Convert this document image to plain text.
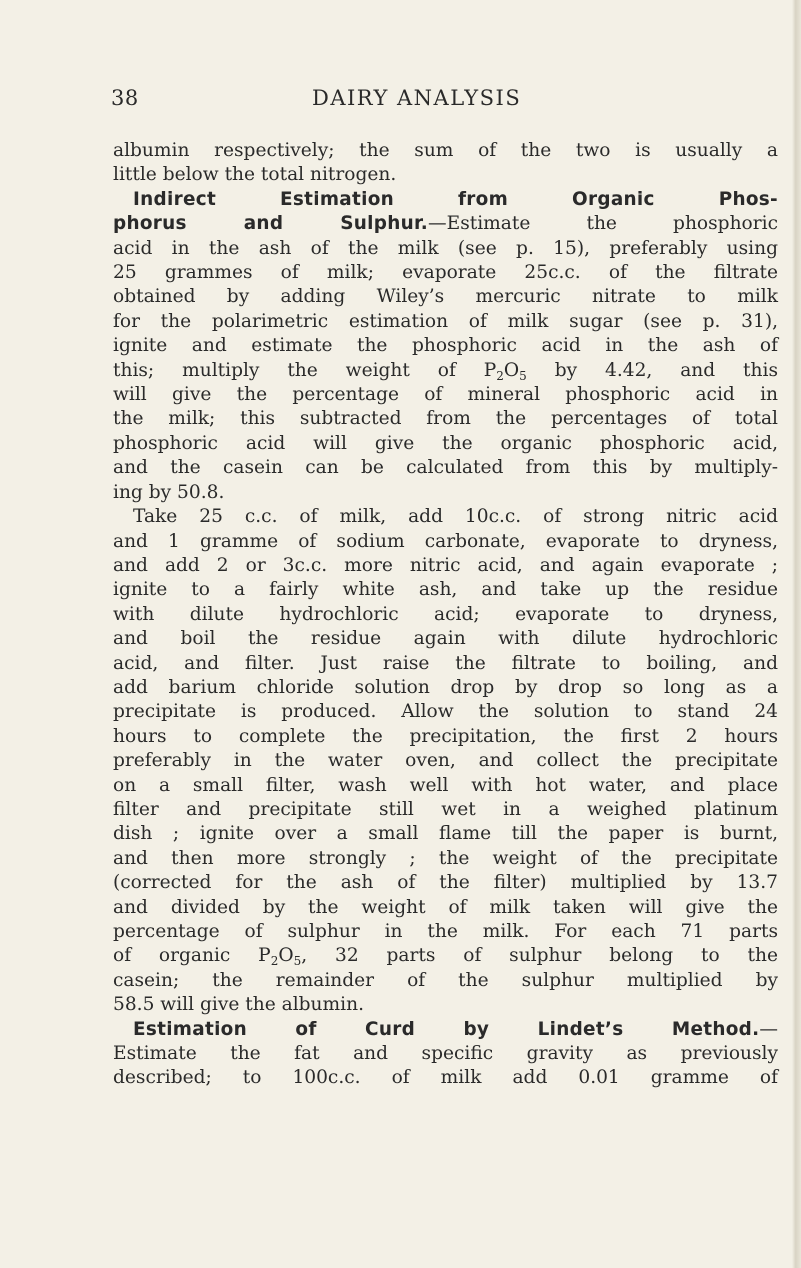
38	DAIRY ANALYSIS
albumin respectively; the sum of the two is usually a
little below the total nitrogen.
Indirect Estimation from Organic Phos-
phorus and Sulphur.—Estimate the phosphoric
acid in the ash of the milk (see p. 15), preferably using
25 grammes of milk; evaporate 25c.c. of the filtrate
obtained by adding Wiley’s mercuric nitrate to milk
for the polarimetric estimation of milk sugar (see p. 31),
ignite and estimate the phosphoric acid in the ash of
this; multiply the weight of $P_2O_5$ by 4.42, and this
will give the percentage of mineral phosphoric acid in
the milk; this subtracted from the percentages of total
phosphoric acid will give the organic phosphoric acid,
and the casein can be calculated from this by multiply-
ing by 50.8.
Take 25 c.c. of milk, add 10c.c. of strong nitric acid
and 1 gramme of sodium carbonate, evaporate to dryness,
and add 2 or 3c.c. more nitric acid, and again evaporate ;
ignite to a fairly white ash, and take up the residue
with dilute hydrochloric acid; evaporate to dryness,
and boil the residue again with dilute hydrochloric
acid, and filter. Just raise the filtrate to boiling, and
add barium chloride solution drop by drop so long as a
precipitate is produced. Allow the solution to stand 24
hours to complete the precipitation, the first 2 hours
preferably in the water oven, and collect the precipitate
on a small filter, wash well with hot water, and place
filter and precipitate still wet in a weighed platinum
dish ; ignite over a small flame till the paper is burnt,
and then more strongly ; the weight of the precipitate
(corrected for the ash of the filter) multiplied by 13.7
and divided by the weight of milk taken will give the
percentage of sulphur in the milk. For each 71 parts
of organic $P_2O_5$, 32 parts of sulphur belong to the
casein; the remainder of the sulphur multiplied by
58.5 will give the albumin.
Estimation of Curd by Lindet’s Method.—
Estimate the fat and specific gravity as previously
described; to 100c.c. of milk add 0.01 gramme of
